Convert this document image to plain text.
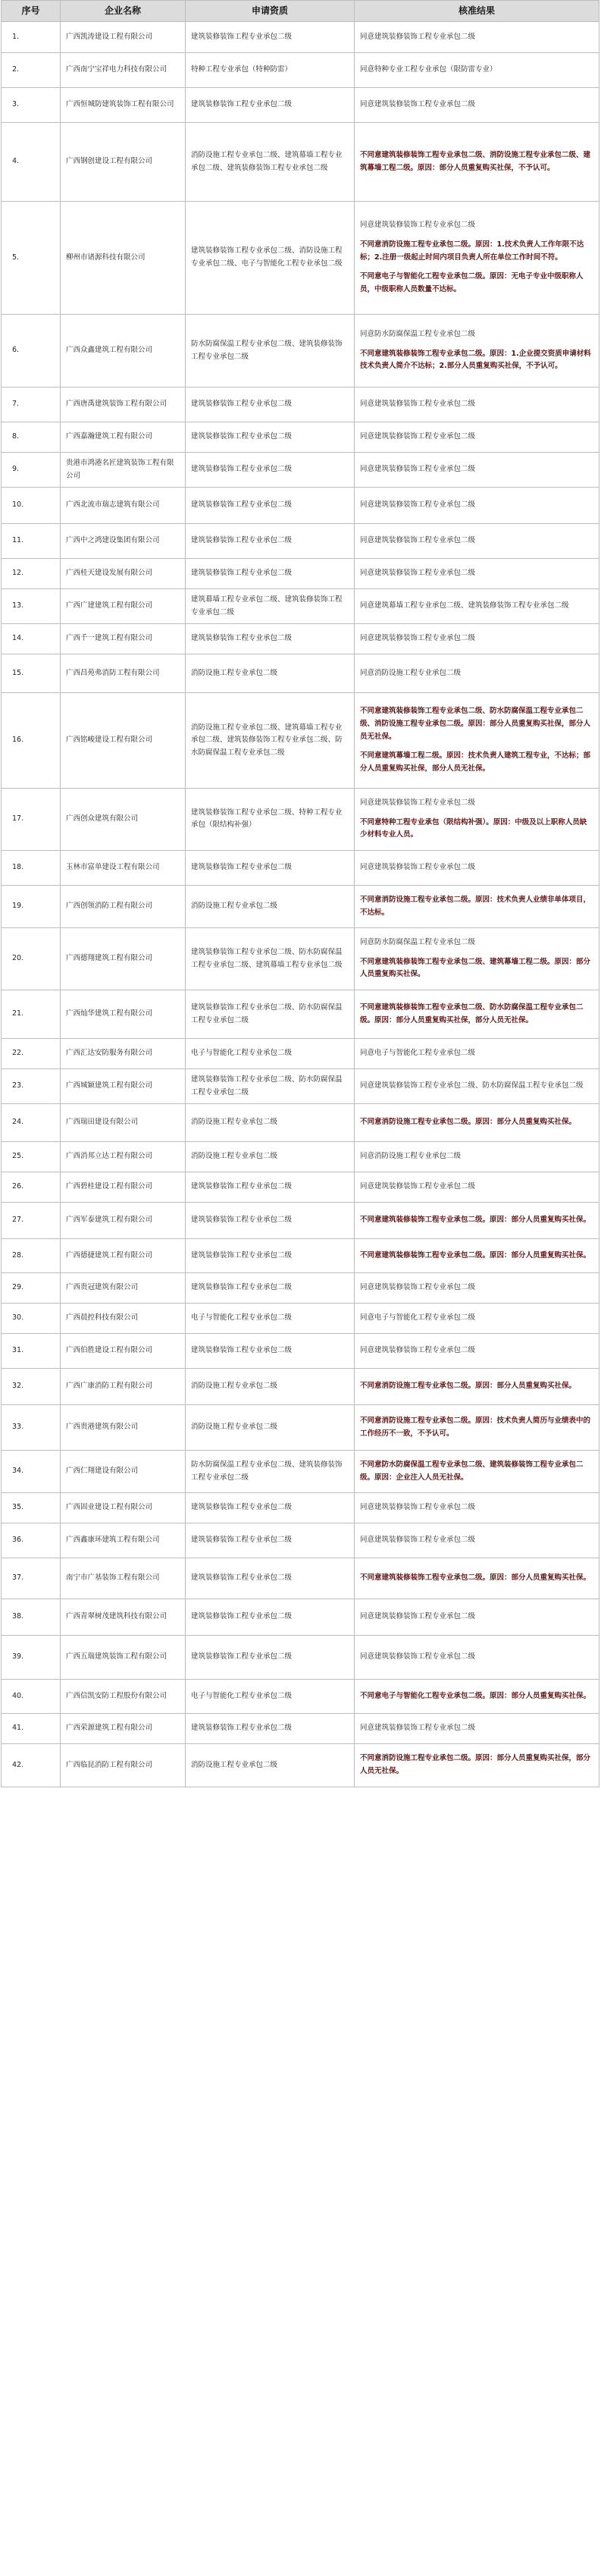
序号	企业名称	申请资质	核准结果
1.	广西凯涛建设工程有限公司	建筑装修装饰工程专业承包二级	同意建筑装修装饰工程专业承包二级

2.	广西南宁宝祥电力科技有限公司	特种工程专业承包（特种防雷）	同意特种专业工程专业承包（限防雷专业）

3.	广西恒城防建筑装饰工程有限公司	建筑装修装饰工程专业承包二级	同意建筑装修装饰工程专业承包二级

4.	广西钢创建设工程有限公司	消防设施工程专业承包二级、建筑幕墙工程专业承包二级、建筑装修装饰工程专业承包二级	不同意建筑装修装饰工程专业承包二级、消防设施工程专业承包二级、建筑幕墙工程二级。原因：部分人员重复购买社保，不予认可。

5.	柳州市诸源科技有限公司	建筑装修装饰工程专业承包二级、消防设施工程专业承包二级、电子与智能化工程专业承包二级	同意建筑装修装饰工程专业承包二级

不同意消防设施工程专业承包二级。原因：1.技术负责人工作年限不达标；2.注册一级起止时间内项目负责人所在单位工作时间不符。

不同意电子与智能化工程专业承包二级。原因：无电子专业中级职称人员，中级职称人员数量不达标。

6.	广西众鑫建筑工程有限公司	防水防腐保温工程专业承包二级、建筑装修装饰工程专业承包二级	同意防水防腐保温工程专业承包二级

不同意建筑装修装饰工程专业承包二级。原因：1.企业提交资质申请材料技术负责人简介不达标；2.部分人员重复购买社保，不予认可。

7.	广西唐禹建筑装饰工程有限公司	建筑装修装饰工程专业承包二级	同意建筑装修装饰工程专业承包二级

8.	广西嘉瀚建筑工程有限公司	建筑装修装饰工程专业承包二级	同意建筑装修装饰工程专业承包二级

9.	贵港市鸿港名匠建筑装饰工程有限公司	建筑装修装饰工程专业承包二级	同意建筑装修装饰工程专业承包二级

10.	广西北流市瑞志建筑有限公司	建筑装修装饰工程专业承包二级	同意建筑装修装饰工程专业承包二级

11.	广西中之鸿建设集团有限公司	建筑装修装饰工程专业承包二级	同意建筑装修装饰工程专业承包二级

12.	广西桂天建设发展有限公司	建筑装修装饰工程专业承包二级	同意建筑装修装饰工程专业承包二级

13.	广西广建建筑工程有限公司	建筑幕墙工程专业承包二级、建筑装修装饰工程专业承包二级	同意建筑幕墙工程专业承包二级、建筑装修装饰工程专业承包二级

14.	广西千一建筑工程有限公司	建筑装修装饰工程专业承包二级	同意建筑装修装饰工程专业承包二级

15.	广西昌苑弗消防工程有限公司	消防设施工程专业承包二级	同意消防设施工程专业承包二级

16.	广西铭峻建设工程有限公司	消防设施工程专业承包二级、建筑幕墙工程专业承包二级、建筑装修装饰工程专业承包二级、防水防腐保温工程专业承包二级	不同意建筑装修装饰工程专业承包二级、防水防腐保温工程专业承包二级、消防设施工程专业承包二级。原因：部分人员重复购买社保，部分人员无社保。

不同意建筑幕墙工程二级。原因：技术负责人建筑工程专业，不达标；部分人员重复购买社保，部分人员无社保。

17.	广西创众建筑有限公司	建筑装修装饰工程专业承包二级、特种工程专业承包（限结构补强）	同意建筑装修装饰工程专业承包二级

不同意特种工程专业承包（限结构补强）。原因：中级及以上职称人员缺少材料专业人员。

18.	玉林市富单建设工程有限公司	建筑装修装饰工程专业承包二级	同意建筑装修装饰工程专业承包二级

19.	广西创领消防工程有限公司	消防设施工程专业承包二级	不同意消防设施工程专业承包二级。原因：技术负责人业绩非单体项目，不达标。

20.	广西德翔建筑工程有限公司	建筑装修装饰工程专业承包二级、防水防腐保温工程专业承包二级、建筑幕墙工程专业承包二级	同意防水防腐保温工程专业承包二级

不同意建筑装修装饰工程专业承包二级、建筑幕墙工程二级。原因：部分人员重复购买社保。

21.	广西灿华建筑工程有限公司	建筑装修装饰工程专业承包二级、防水防腐保温工程专业承包二级	不同意建筑装修装饰工程专业承包二级、防水防腐保温工程专业承包二级。原因：部分人员重复购买社保，部分人员无社保。

22.	广西汇达安防服务有限公司	电子与智能化工程专业承包二级	同意电子与智能化工程专业承包二级

23.	广西城颖建筑工程有限公司	建筑装修装饰工程专业承包二级、防水防腐保温工程专业承包二级	同意建筑装修装饰工程专业承包二级、防水防腐保温工程专业承包二级

24.	广西瑞田建设有限公司	消防设施工程专业承包二级	不同意消防设施工程专业承包二级。原因：部分人员重复购买社保。

25.	广西消邦立达工程有限公司	消防设施工程专业承包二级	同意消防设施工程专业承包二级

26.	广西碧桂建设工程有限公司	建筑装修装饰工程专业承包二级	同意建筑装修装饰工程专业承包二级

27.	广西军泰建筑工程有限公司	建筑装修装饰工程专业承包二级	不同意建筑装修装饰工程专业承包二级。原因：部分人员重复购买社保。

28.	广西德捷建筑工程有限公司	建筑装修装饰工程专业承包二级	不同意建筑装修装饰工程专业承包二级。原因：部分人员重复购买社保。

29.	广西贵冠建筑有限公司	建筑装修装饰工程专业承包二级	同意建筑装修装饰工程专业承包二级

30.	广西晨控科技有限公司	电子与智能化工程专业承包二级	同意电子与智能化工程专业承包二级

31.	广西伯胜建设工程有限公司	建筑装修装饰工程专业承包二级	同意建筑装修装饰工程专业承包二级

32.	广西广康消防工程有限公司	消防设施工程专业承包二级	不同意消防设施工程专业承包二级。原因：部分人员重复购买社保。

33.	广西贵港建筑有限公司	消防设施工程专业承包二级	不同意消防设施工程专业承包二级。原因：技术负责人简历与业绩表中的工作经历不一致，不予认可。

34.	广西仁翔建设有限公司	防水防腐保温工程专业承包二级、建筑装修装饰工程专业承包二级	不同意防水防腐保温工程专业承包二级、建筑装修装饰工程专业承包二级。原因：企业注入人员无社保。

35.	广西固业建设工程有限公司	建筑装修装饰工程专业承包二级	同意建筑装修装饰工程专业承包二级

36.	广西鑫康环建筑工程有限公司	建筑装修装饰工程专业承包二级	同意建筑装修装饰工程专业承包二级

37.	南宁市广基装饰工程有限公司	建筑装修装饰工程专业承包二级	不同意建筑装修装饰工程专业承包二级。原因：部分人员重复购买社保。

38.	广西青翠树茂建筑科技有限公司	建筑装修装饰工程专业承包二级	同意建筑装修装饰工程专业承包二级

39.	广西五瑞建筑装饰工程有限公司	建筑装修装饰工程专业承包二级	同意建筑装修装饰工程专业承包二级

40.	广西信凯安防工程股份有限公司	电子与智能化工程专业承包二级	不同意电子与智能化工程专业承包二级。原因：部分人员重复购买社保。

41.	广西荣源建筑工程有限公司	建筑装修装饰工程专业承包二级	同意建筑装修装饰工程专业承包二级

42.	广西临昆消防工程有限公司	消防设施工程专业承包二级	不同意消防设施工程专业承包二级。原因：部分人员重复购买社保，部分人员无社保。
